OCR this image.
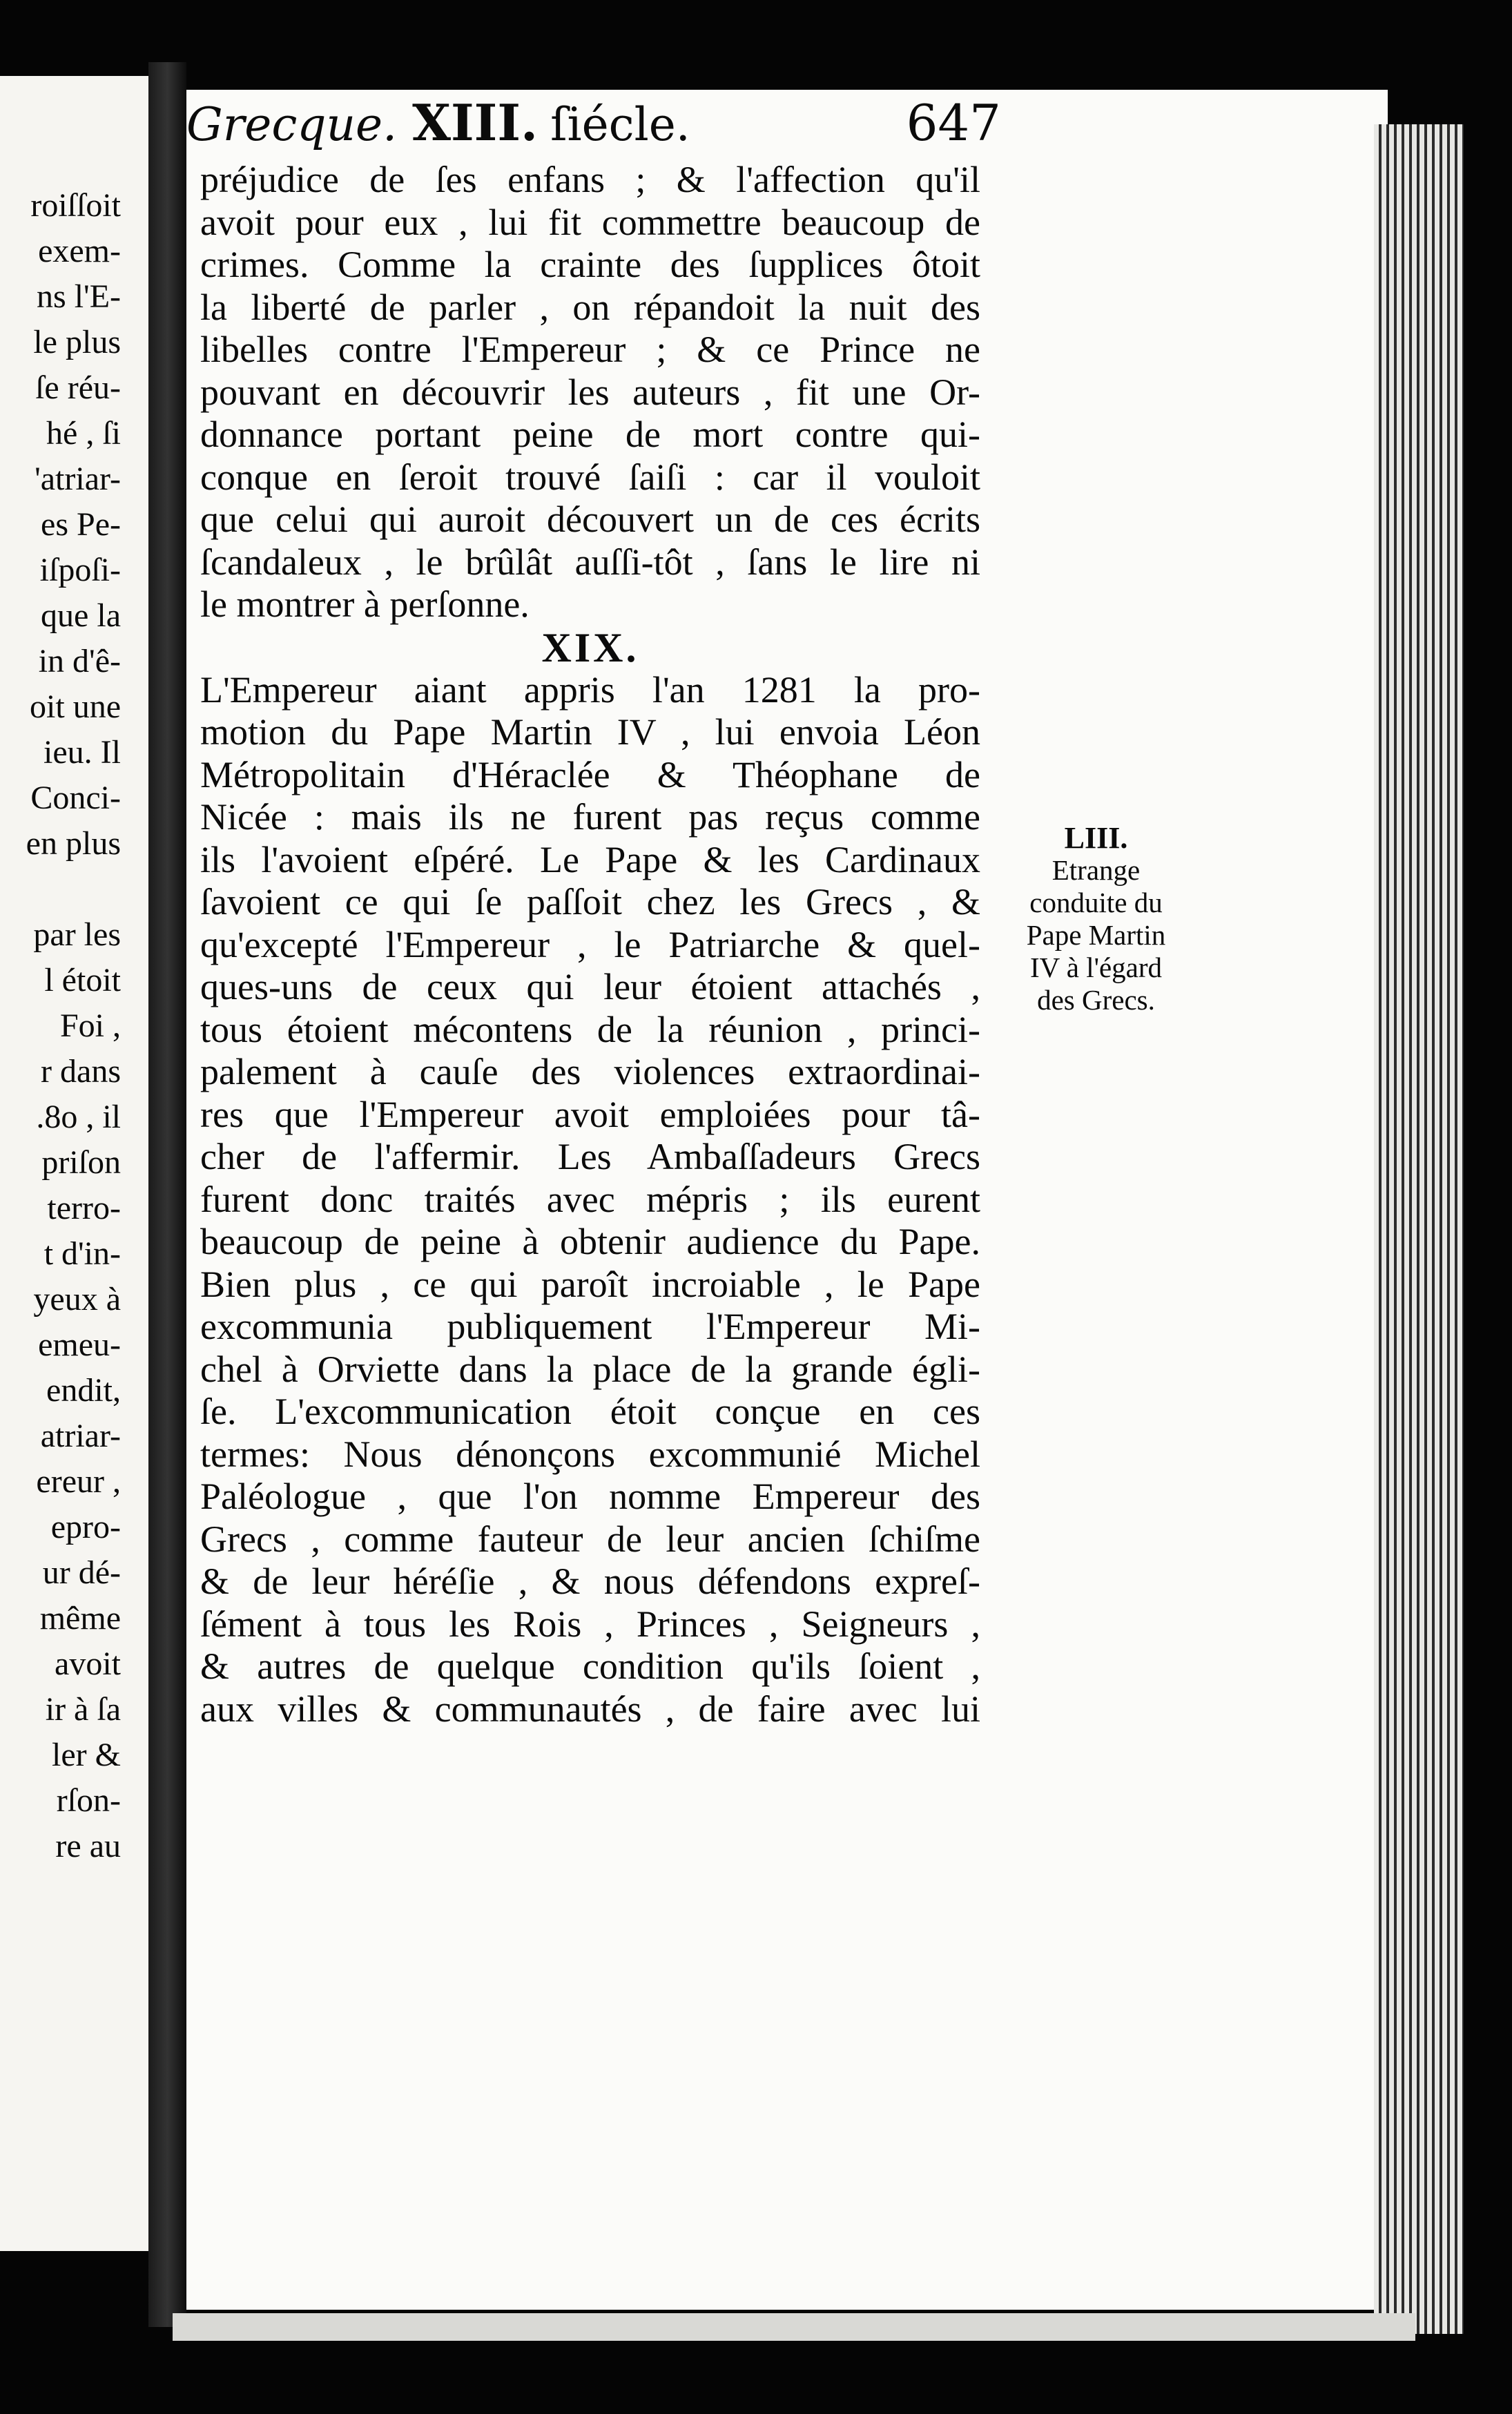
roiſſoit
exem-
ns l'E-
le plus
ſe réu-
hé , ſi
'atriar-
es Pe-
iſpoſi-
que la
in d'ê-
oit une
ieu. Il
Conci-
en plus
par les
l étoit
Foi ,
r dans
.8o , il
priſon
terro-
t d'in-
yeux à
emeu-
endit,
atriar-
ereur ,
epro-
ur dé-
même
avoit
ir à ſa
ler &
rſon-
re au
Grecque. XIII. ſiécle.	647
préjudice de ſes enfans ; & l'affection qu'il
avoit pour eux , lui fit commettre beaucoup de
crimes. Comme la crainte des ſupplices ôtoit
la liberté de parler , on répandoit la nuit des
libelles contre l'Empereur ; & ce Prince ne
pouvant en découvrir les auteurs , fit une Or-
donnance portant peine de mort contre qui-
conque en ſeroit trouvé ſaiſi : car il vouloit
que celui qui auroit découvert un de ces écrits
ſcandaleux , le brûlât auſſi-tôt , ſans le lire ni
le montrer à perſonne.
XIX.
L'Empereur aiant appris l'an 1281 la pro-
motion du Pape Martin IV , lui envoia Léon
Métropolitain d'Héraclée & Théophane de
Nicée : mais ils ne furent pas reçus comme
ils l'avoient eſpéré. Le Pape & les Cardinaux
ſavoient ce qui ſe paſſoit chez les Grecs , &
qu'excepté l'Empereur , le Patriarche & quel-
ques-uns de ceux qui leur étoient attachés ,
tous étoient mécontens de la réunion , princi-
palement à cauſe des violences extraordinai-
res que l'Empereur avoit emploiées pour tâ-
cher de l'affermir. Les Ambaſſadeurs Grecs
furent donc traités avec mépris ; ils eurent
beaucoup de peine à obtenir audience du Pape.
Bien plus , ce qui paroît incroiable , le Pape
excommunia publiquement l'Empereur Mi-
chel à Orviette dans la place de la grande égli-
ſe. L'excommunication étoit conçue en ces
termes: Nous dénonçons excommunié Michel
Paléologue , que l'on nomme Empereur des
Grecs , comme fauteur de leur ancien ſchiſme
& de leur héréſie , & nous défendons expreſ-
ſément à tous les Rois , Princes , Seigneurs ,
& autres de quelque condition qu'ils ſoient ,
aux villes & communautés , de faire avec lui
LIII.
Etrange
conduite du
Pape Martin
IV à l'égard
des Grecs.
